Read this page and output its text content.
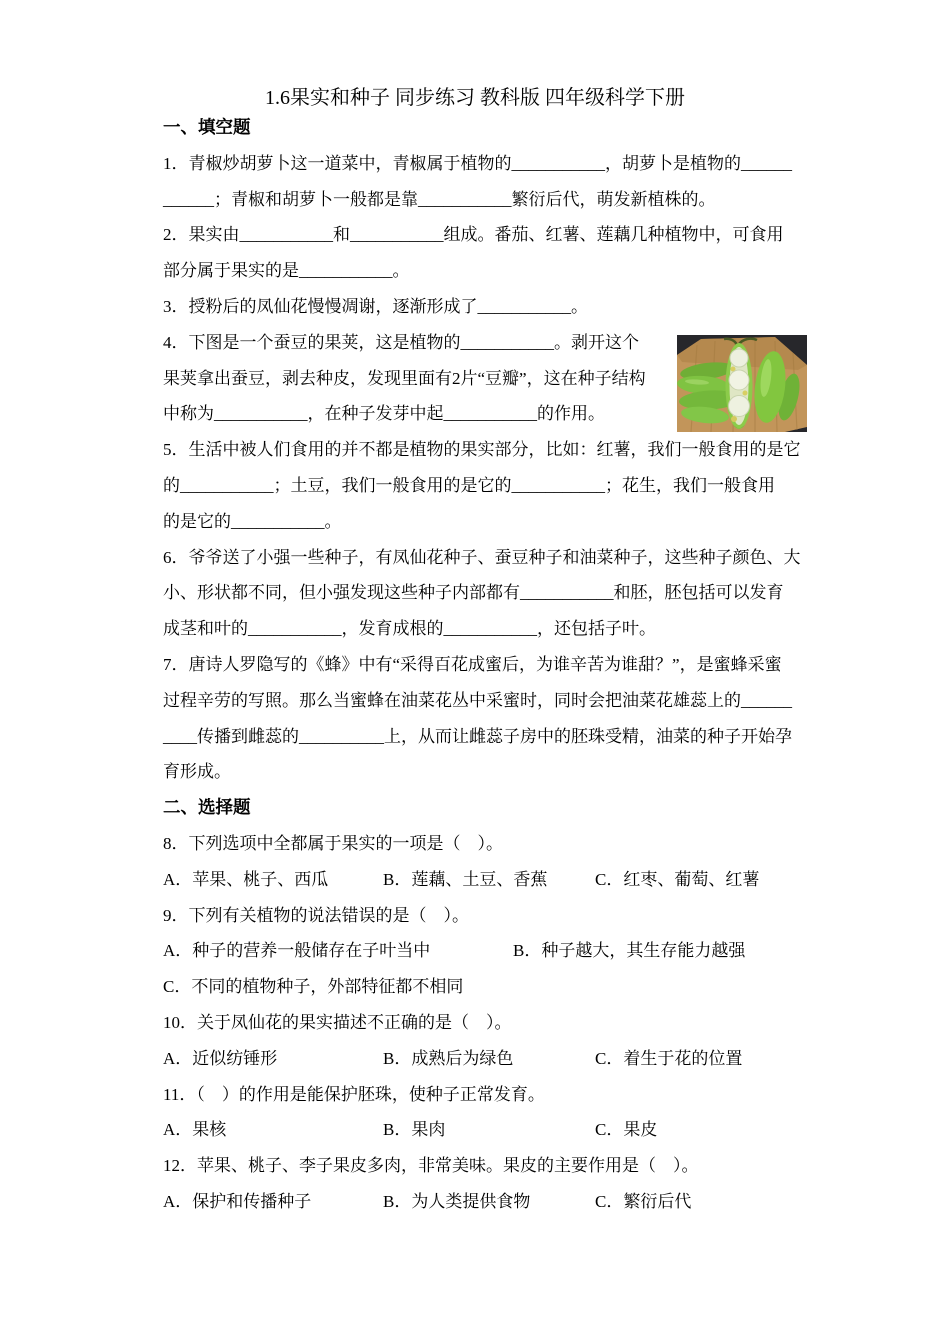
1.6果实和种子 同步练习 教科版 四年级科学下册
一、填空题
1．青椒炒胡萝卜这一道菜中，青椒属于植物的___________，胡萝卜是植物的______
______；青椒和胡萝卜一般都是靠___________繁衍后代，萌发新植株的。
2．果实由___________和___________组成。番茄、红薯、莲藕几种植物中，可食用
部分属于果实的是___________。
3．授粉后的凤仙花慢慢凋谢，逐渐形成了___________。
4．下图是一个蚕豆的果荚，这是植物的___________。剥开这个
果荚拿出蚕豆，剥去种皮，发现里面有2片“豆瓣”，这在种子结构
中称为___________，在种子发芽中起___________的作用。
5．生活中被人们食用的并不都是植物的果实部分，比如：红薯，我们一般食用的是它
的___________；土豆，我们一般食用的是它的___________；花生，我们一般食用
的是它的___________。
6．爷爷送了小强一些种子，有凤仙花种子、蚕豆种子和油菜种子，这些种子颜色、大
小、形状都不同，但小强发现这些种子内部都有___________和胚，胚包括可以发育
成茎和叶的___________，发育成根的___________，还包括子叶。
7．唐诗人罗隐写的《蜂》中有“采得百花成蜜后，为谁辛苦为谁甜？”，是蜜蜂采蜜
过程辛劳的写照。那么当蜜蜂在油菜花丛中采蜜时，同时会把油菜花雄蕊上的______
____传播到雌蕊的__________上，从而让雌蕊子房中的胚珠受精，油菜的种子开始孕
育形成。
二、选择题
8．下列选项中全都属于果实的一项是（　）。
A．苹果、桃子、西瓜	B．莲藕、土豆、香蕉	C．红枣、葡萄、红薯
9．下列有关植物的说法错误的是（　）。
A．种子的营养一般储存在子叶当中	B．种子越大，其生存能力越强
C．不同的植物种子，外部特征都不相同
10．关于凤仙花的果实描述不正确的是（　）。
A．近似纺锤形	B．成熟后为绿色	C．着生于花的位置
11．（　）的作用是能保护胚珠，使种子正常发育。
A．果核	B．果肉	C．果皮
12．苹果、桃子、李子果皮多肉，非常美味。果皮的主要作用是（　）。
A．保护和传播种子	B．为人类提供食物	C．繁衍后代
